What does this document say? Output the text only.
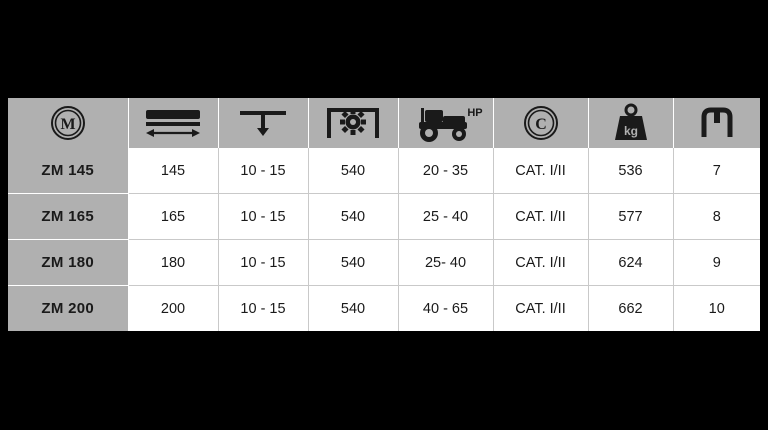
M				HP	C	kg

ZM 145	145	10 - 15	540	20 - 35	CAT. I/II	536	7
ZM 165	165	10 - 15	540	25 - 40	CAT. I/II	577	8
ZM 180	180	10 - 15	540	25- 40	CAT. I/II	624	9
ZM 200	200	10 - 15	540	40 - 65	CAT. I/II	662	10
